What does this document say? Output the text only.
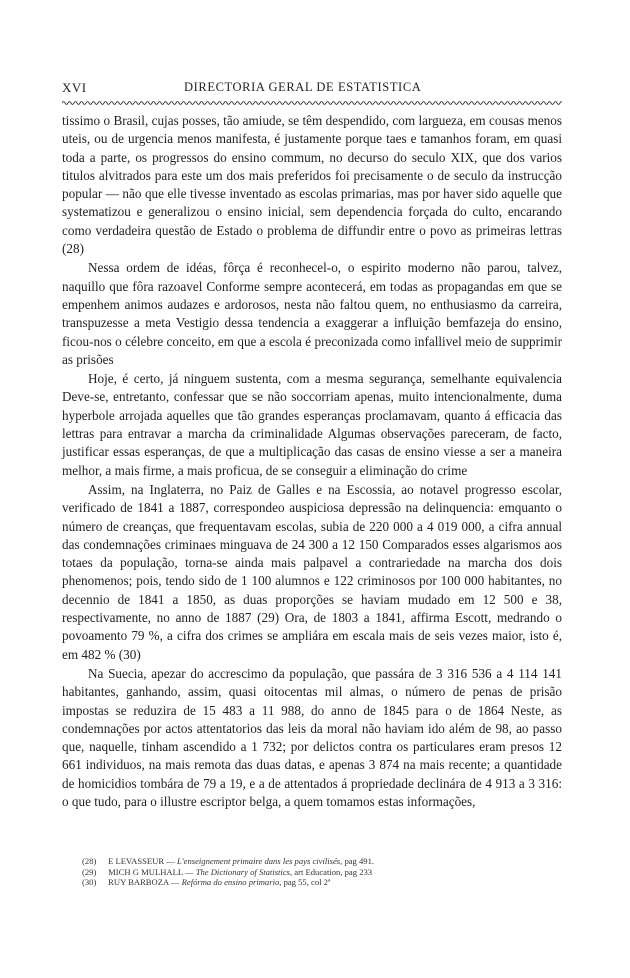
XVI	DIRECTORIA GERAL DE ESTATISTICA

tissimo o Brasil, cujas posses, tão amiude, se têm despendido, com largueza, em cousas menos uteis, ou de urgencia menos manifesta, é justamente porque taes e tamanhos foram, em quasi toda a parte, os progressos do ensino commum, no decurso do seculo XIX, que dos varios titulos alvitrados para este um dos mais preferidos foi precisamente o de seculo da instrucção popular — não que elle tivesse inventado as escolas primarias, mas por haver sido aquelle que systematizou e generalizou o ensino inicial, sem dependencia forçada do culto, encarando como verdadeira questão de Estado o problema de diffundir entre o povo as primeiras lettras (28)

Nessa ordem de idéas, fôrça é reconhecel-o, o espirito moderno não parou, talvez, naquillo que fôra razoavel Conforme sempre acontecerá, em todas as propagandas em que se empenhem animos audazes e ardorosos, nesta não faltou quem, no enthusiasmo da carreira, transpuzesse a meta Vestigio dessa tendencia a exaggerar a influição bemfazeja do ensino, ficou-nos o célebre conceito, em que a escola é preconizada como infallivel meio de supprimir as prisões

Hoje, é certo, já ninguem sustenta, com a mesma segurança, semelhante equivalencia Deve-se, entretanto, confessar que se não soccorriam apenas, muito intencionalmente, duma hyperbole arrojada aquelles que tão grandes esperanças proclamavam, quanto á efficacia das lettras para entravar a marcha da criminalidade Algumas observações pareceram, de facto, justificar essas esperanças, de que a multiplicação das casas de ensino viesse a ser a maneira melhor, a mais firme, a mais proficua, de se conseguir a eliminação do crime

Assim, na Inglaterra, no Paiz de Galles e na Escossia, ao notavel progresso escolar, verificado de 1841 a 1887, correspondeo auspiciosa depressão na delinquencia: emquanto o número de creanças, que frequentavam escolas, subia de 220 000 a 4 019 000, a cifra annual das condemnações criminaes minguava de 24 300 a 12 150 Comparados esses algarismos aos totaes da população, torna-se ainda mais palpavel a contrariedade na marcha dos dois phenomenos; pois, tendo sido de 1 100 alumnos e 122 criminosos por 100 000 habitantes, no decennio de 1841 a 1850, as duas proporções se haviam mudado em 12 500 e 38, respectivamente, no anno de 1887 (29) Ora, de 1803 a 1841, affirma Escott, medrando o povoamento 79 %, a cifra dos crimes se ampliára em escala mais de seis vezes maior, isto é, em 482 % (30)

Na Suecia, apezar do accrescimo da população, que passára de 3 316 536 a 4 114 141 habitantes, ganhando, assim, quasi oitocentas mil almas, o número de penas de prisão impostas se reduzira de 15 483 a 11 988, do anno de 1845 para o de 1864 Neste, as condemnações por actos attentatorios das leis da moral não haviam ido além de 98, ao passo que, naquelle, tinham ascendido a 1 732; por delictos contra os particulares eram presos 12 661 individuos, na mais remota das duas datas, e apenas 3 874 na mais recente; a quantidade de homicidios tombára de 79 a 19, e a de attentados á propriedade declinára de 4 913 a 3 316: o que tudo, para o illustre escriptor belga, a quem tomamos estas informações,

(28) E LEVASSEUR — L'enseignement primaire dans les pays civilisés, pag 491.
(29) MICH G MULHALL — The Dictionary of Statistics, art Education, pag 233
(30) RUY BARBOZA — Refórma do ensino primario, pag 55, col 2ª
